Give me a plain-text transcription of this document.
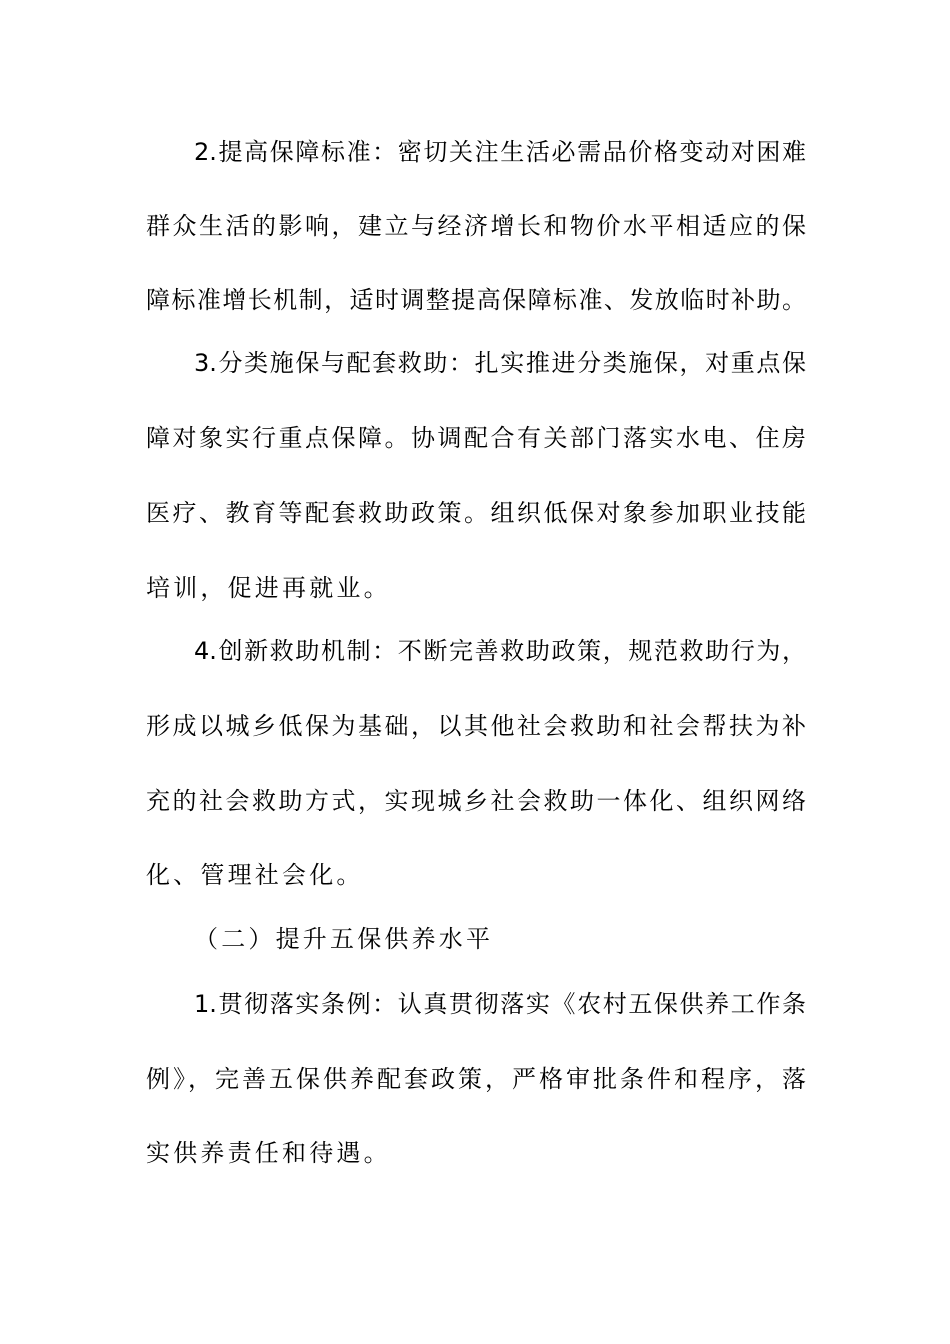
2.提高保障标准：密切关注生活必需品价格变动对困难

群众生活的影响，建立与经济增长和物价水平相适应的保

障标准增长机制，适时调整提高保障标准、发放临时补助。

3.分类施保与配套救助：扎实推进分类施保，对重点保

障对象实行重点保障。协调配合有关部门落实水电、住房

医疗、教育等配套救助政策。组织低保对象参加职业技能

培训，促进再就业。

4.创新救助机制：不断完善救助政策，规范救助行为，

形成以城乡低保为基础，以其他社会救助和社会帮扶为补

充的社会救助方式，实现城乡社会救助一体化、组织网络

化、管理社会化。

（二）提升五保供养水平

1.贯彻落实条例：认真贯彻落实《农村五保供养工作条

例》，完善五保供养配套政策，严格审批条件和程序，落

实供养责任和待遇。
